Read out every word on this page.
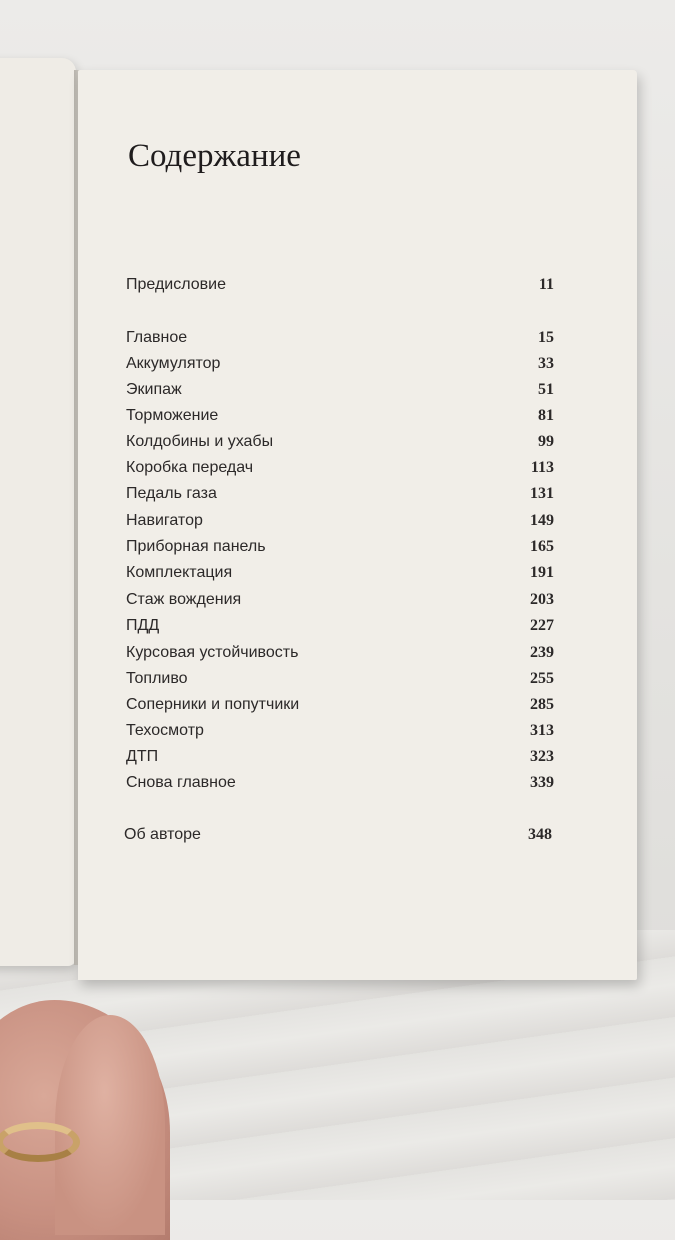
Содержание
Предисловие	11
Главное	15
Аккумулятор	33
Экипаж	51
Торможение	81
Колдобины и ухабы	99
Коробка передач	113
Педаль газа	131
Навигатор	149
Приборная панель	165
Комплектация	191
Стаж вождения	203
ПДД	227
Курсовая устойчивость	239
Топливо	255
Соперники и попутчики	285
Техосмотр	313
ДТП	323
Снова главное	339
Об авторе	348
